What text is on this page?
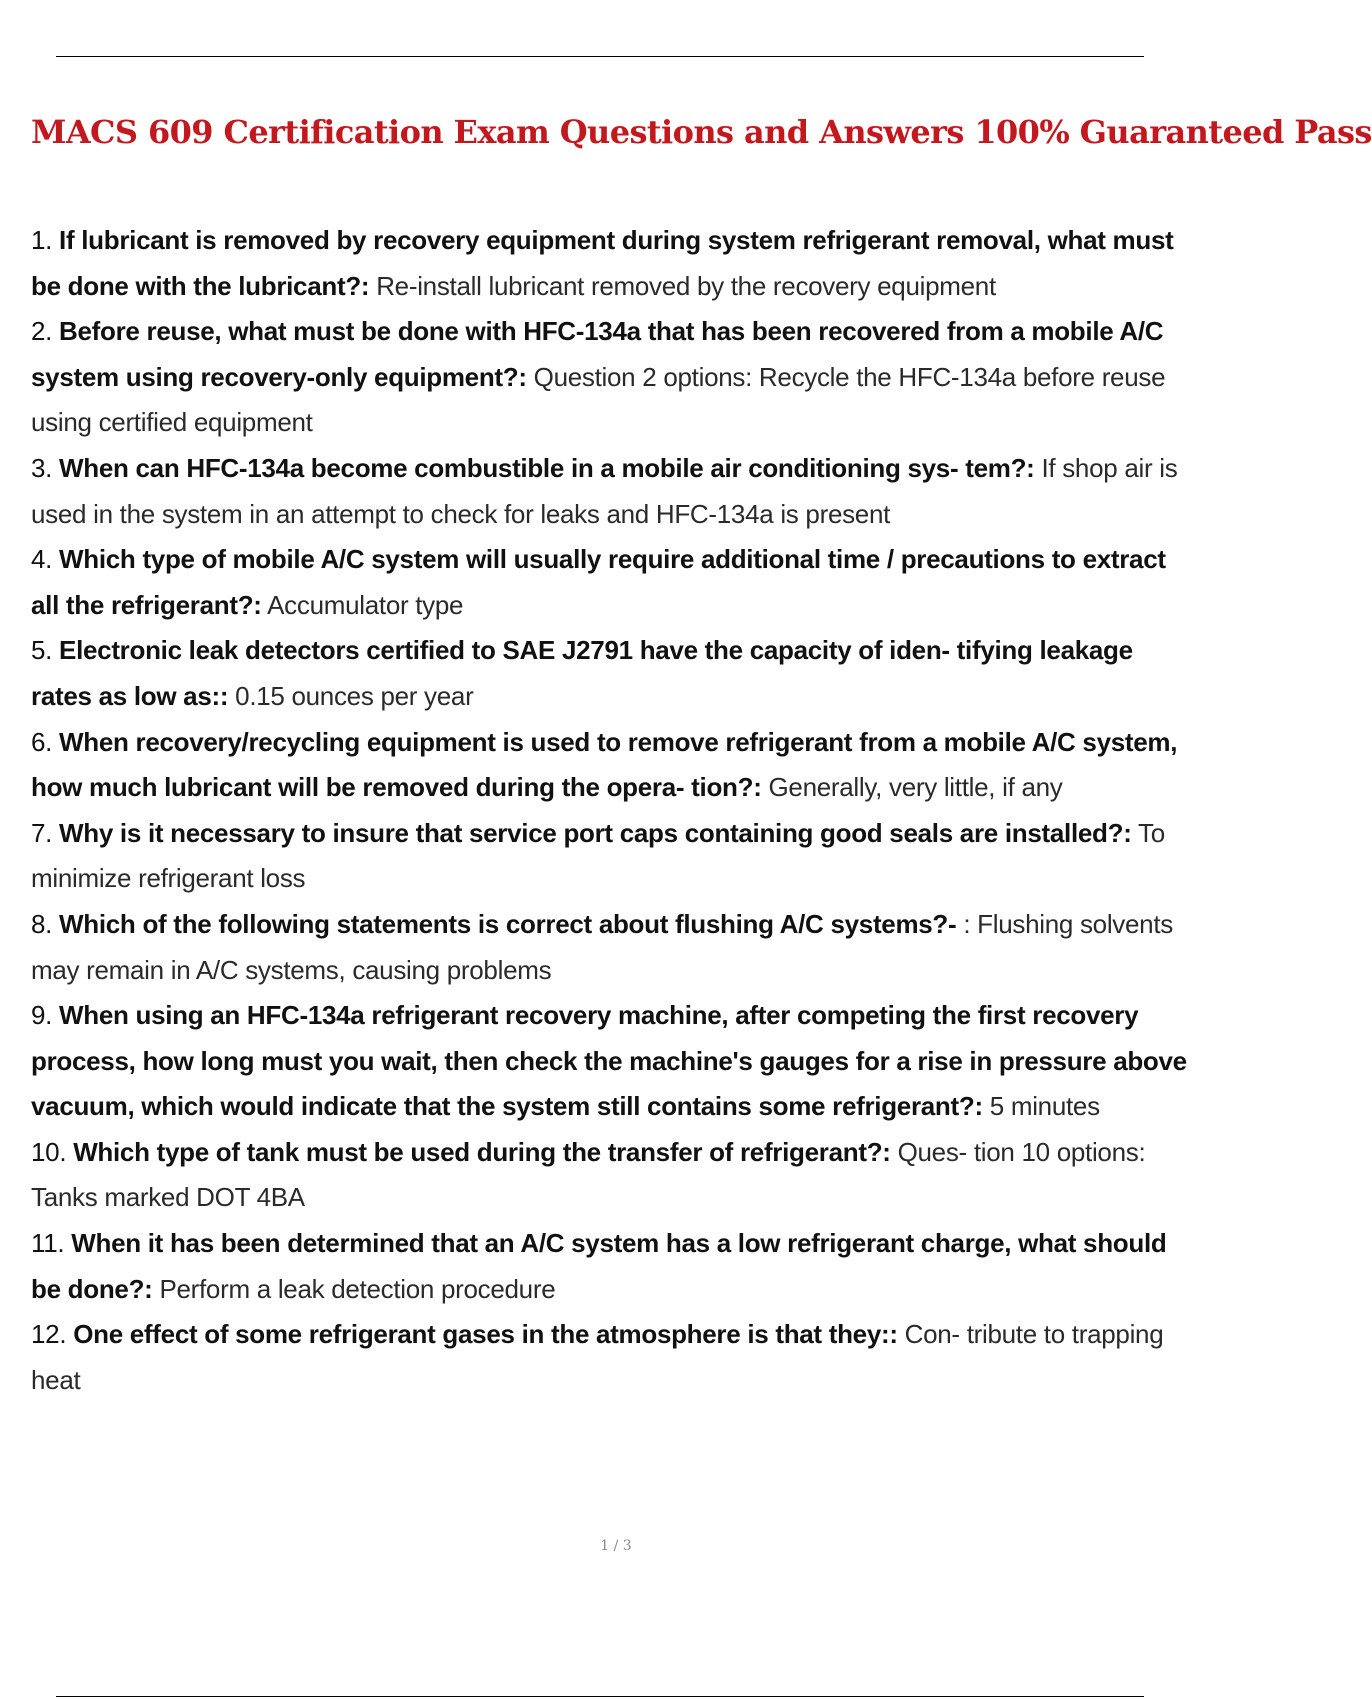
MACS 609 Certification Exam Questions and Answers 100% Guaranteed Pass
1. If lubricant is removed by recovery equipment during system refrigerant removal, what must be done with the lubricant?: Re-install lubricant removed by the recovery equipment
2. Before reuse, what must be done with HFC-134a that has been recovered from a mobile A/C system using recovery-only equipment?: Question 2 options: Recycle the HFC-134a before reuse using certified equipment
3. When can HFC-134a become combustible in a mobile air conditioning sys- tem?: If shop air is used in the system in an attempt to check for leaks and HFC-134a is present
4. Which type of mobile A/C system will usually require additional time / precautions to extract all the refrigerant?: Accumulator type
5. Electronic leak detectors certified to SAE J2791 have the capacity of iden- tifying leakage rates as low as:: 0.15 ounces per year
6. When recovery/recycling equipment is used to remove refrigerant from a mobile A/C system, how much lubricant will be removed during the opera- tion?: Generally, very little, if any
7. Why is it necessary to insure that service port caps containing good seals are installed?: To minimize refrigerant loss
8. Which of the following statements is correct about flushing A/C systems?- : Flushing solvents may remain in A/C systems, causing problems
9. When using an HFC-134a refrigerant recovery machine, after competing the first recovery process, how long must you wait, then check the machine's gauges for a rise in pressure above vacuum, which would indicate that the system still contains some refrigerant?: 5 minutes
10. Which type of tank must be used during the transfer of refrigerant?: Ques- tion 10 options:
Tanks marked DOT 4BA
11. When it has been determined that an A/C system has a low refrigerant charge, what should be done?: Perform a leak detection procedure
12. One effect of some refrigerant gases in the atmosphere is that they:: Con- tribute to trapping heat
1 / 3
